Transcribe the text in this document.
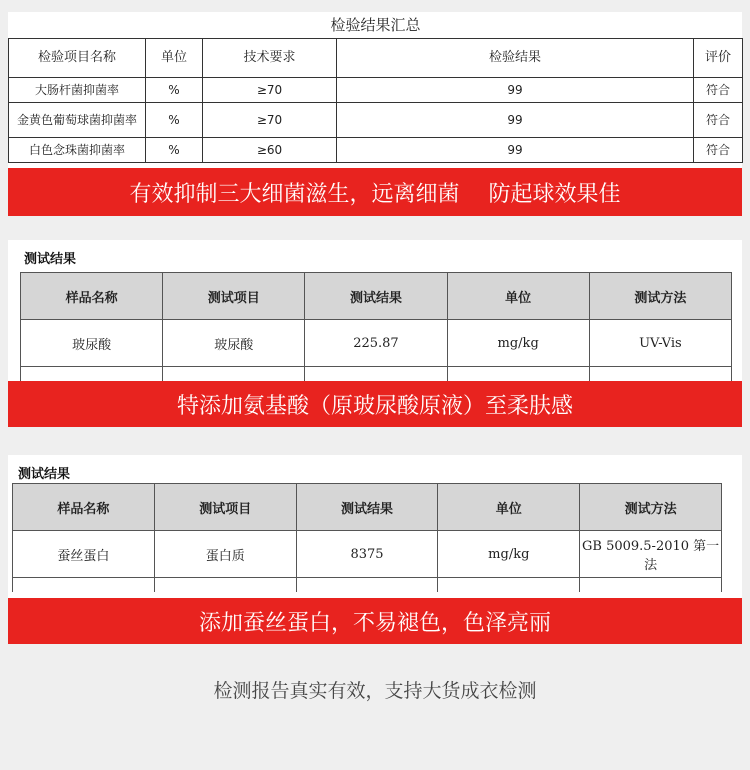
检验结果汇总				
检验项目名称	单位	技术要求	检验结果	评价
大肠杆菌抑菌率	%	≥70	99	符合
金黄色葡萄球菌抑菌率	%	≥70	99	符合
白色念珠菌抑菌率	%	≥60	99	符合
有效抑制三大细菌滋生，远离细菌　 防起球效果佳
测试结果
样品名称	测试项目	测试结果	单位	测试方法
玻尿酸	玻尿酸	225.87	mg/kg	UV-Vis

特添加氨基酸（原玻尿酸原液）至柔肤感
测试结果
样品名称	测试项目	测试结果	单位	测试方法
蚕丝蛋白	蛋白质	8375	mg/kg	GB 5009.5-2010 第一法

添加蚕丝蛋白，不易褪色，色泽亮丽
检测报告真实有效，支持大货成衣检测
